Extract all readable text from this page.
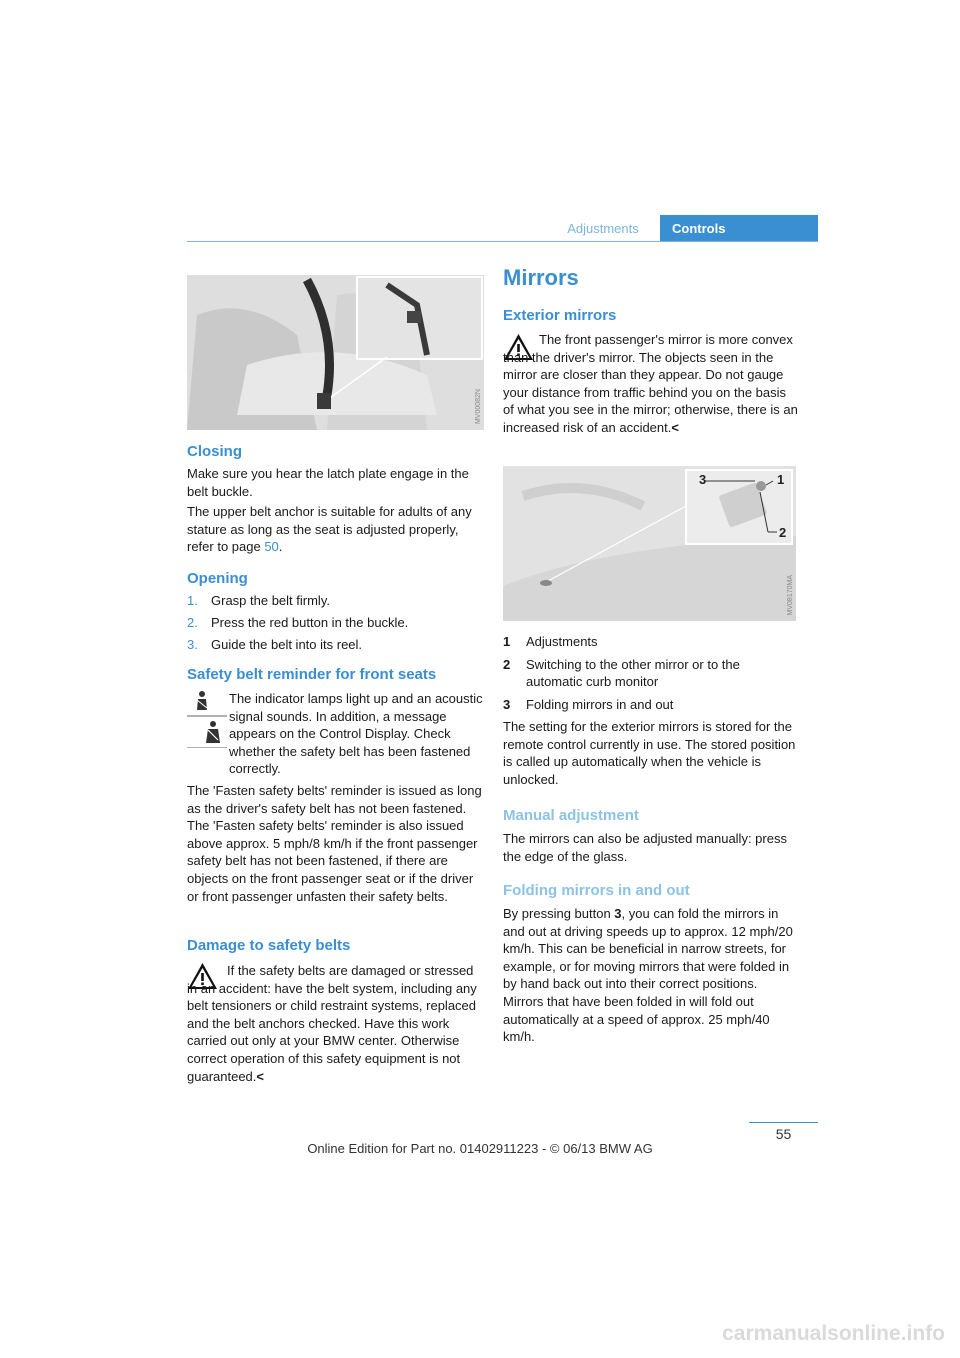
Adjustments	Controls
MV00082N
Closing

Make sure you hear the latch plate engage in the belt buckle.

The upper belt anchor is suitable for adults of any stature as long as the seat is adjusted properly, refer to page 50.

Opening
1. Grasp the belt firmly.
2. Press the red button in the buckle.
3. Guide the belt into its reel.
Safety belt reminder for front seats

The indicator lamps light up and an acoustic signal sounds. In addition, a message appears on the Control Display. Check whether the safety belt has been fastened correctly.

The 'Fasten safety belts' reminder is issued as long as the driver's safety belt has not been fastened. The 'Fasten safety belts' reminder is also issued above approx. 5 mph/8 km/h if the front passenger safety belt has not been fastened, if there are objects on the front passenger seat or if the driver or front passenger unfasten their safety belts.

Damage to safety belts

If the safety belts are damaged or stressed in an accident: have the belt system, including any belt tensioners or child restraint systems, replaced and the belt anchors checked. Have this work carried out only at your BMW center. Otherwise correct operation of this safety equipment is not guaranteed.<

Mirrors
Exterior mirrors

The front passenger's mirror is more convex than the driver's mirror. The objects seen in the mirror are closer than they appear. Do not gauge your distance from traffic behind you on the basis of what you see in the mirror; otherwise, there is an increased risk of an accident.<

3	1
2
MV08170MA
1	Adjustments
2	Switching to the other mirror or to the automatic curb monitor
3	Folding mirrors in and out

The setting for the exterior mirrors is stored for the remote control currently in use. The stored position is called up automatically when the vehicle is unlocked.

Manual adjustment

The mirrors can also be adjusted manually: press the edge of the glass.

Folding mirrors in and out

By pressing button 3, you can fold the mirrors in and out at driving speeds up to approx. 12 mph/20 km/h. This can be beneficial in narrow streets, for example, or for moving mirrors that were folded in by hand back out into their correct positions. Mirrors that have been folded in will fold out automatically at a speed of approx. 25 mph/40 km/h.

55
Online Edition for Part no. 01402911223 - © 06/13 BMW AG
carmanualsonline.info
